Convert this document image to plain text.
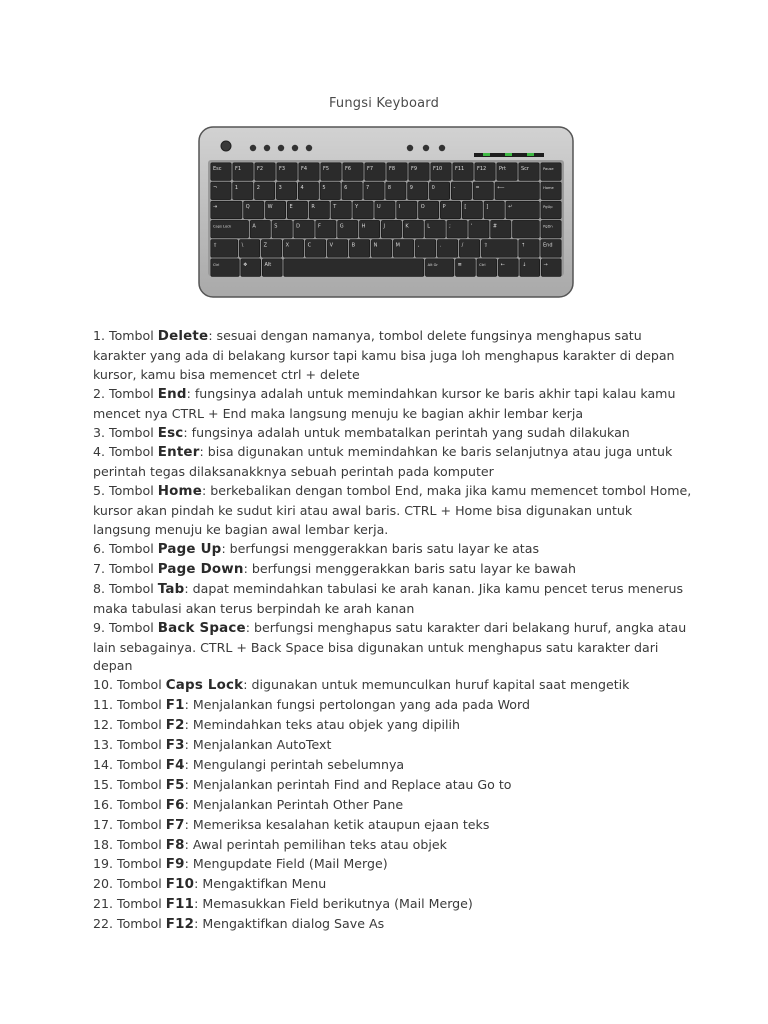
Fungsi Keyboard
Esc	F1	F2	F3	F4	F5	F6	F7	F8	F9	F10	F11	F12	Prt	Scr	Pause
¬	1	2	3	4	5	6	7	8	9	0	-	=	⟵	Home
⇥	Q	W	E	R	T	Y	U	I	O	P	[	]	↵	PgUp
Caps Lock	A	S	D	F	G	H	J	K	L	;	'	#	PgDn
⇧	\	Z	X	C	V	B	N	M	,	.	/	⇧	↑	End
Ctrl	❖	Alt	Alt Gr	≣	Ctrl	←	↓	→

1. Tombol Delete: sesuai dengan namanya, tombol delete fungsinya menghapus satu karakter yang ada di belakang kursor tapi kamu bisa juga loh menghapus karakter di depan kursor, kamu bisa memencet ctrl + delete

2. Tombol End: fungsinya adalah untuk memindahkan kursor ke baris akhir tapi kalau kamu mencet nya CTRL + End maka langsung menuju ke bagian akhir lembar kerja

3. Tombol Esc: fungsinya adalah untuk membatalkan perintah yang sudah dilakukan

4. Tombol Enter: bisa digunakan untuk memindahkan ke baris selanjutnya atau juga untuk perintah tegas dilaksanakknya sebuah perintah pada komputer

5. Tombol Home: berkebalikan dengan tombol End, maka jika kamu memencet tombol Home, kursor akan pindah ke sudut kiri atau awal baris. CTRL + Home bisa digunakan untuk langsung menuju ke bagian awal lembar kerja.

6. Tombol Page Up: berfungsi menggerakkan baris satu layar ke atas

7. Tombol Page Down: berfungsi menggerakkan baris satu layar ke bawah

8. Tombol Tab: dapat memindahkan tabulasi ke arah kanan. Jika kamu pencet terus menerus maka tabulasi akan terus berpindah ke arah kanan

9. Tombol Back Space: berfungsi menghapus satu karakter dari belakang huruf, angka atau lain sebagainya. CTRL + Back Space bisa digunakan untuk menghapus satu karakter dari depan

10. Tombol Caps Lock: digunakan untuk memunculkan huruf kapital saat mengetik

11. Tombol F1: Menjalankan fungsi pertolongan yang ada pada Word

12. Tombol F2: Memindahkan teks atau objek yang dipilih

13. Tombol F3: Menjalankan AutoText

14. Tombol F4: Mengulangi perintah sebelumnya

15. Tombol F5: Menjalankan perintah Find and Replace atau Go to

16. Tombol F6: Menjalankan Perintah Other Pane

17. Tombol F7: Memeriksa kesalahan ketik ataupun ejaan teks

18. Tombol F8: Awal perintah pemilihan teks atau objek

19. Tombol F9: Mengupdate Field (Mail Merge)

20. Tombol F10: Mengaktifkan Menu

21. Tombol F11: Memasukkan Field berikutnya (Mail Merge)

22. Tombol F12: Mengaktifkan dialog Save As
